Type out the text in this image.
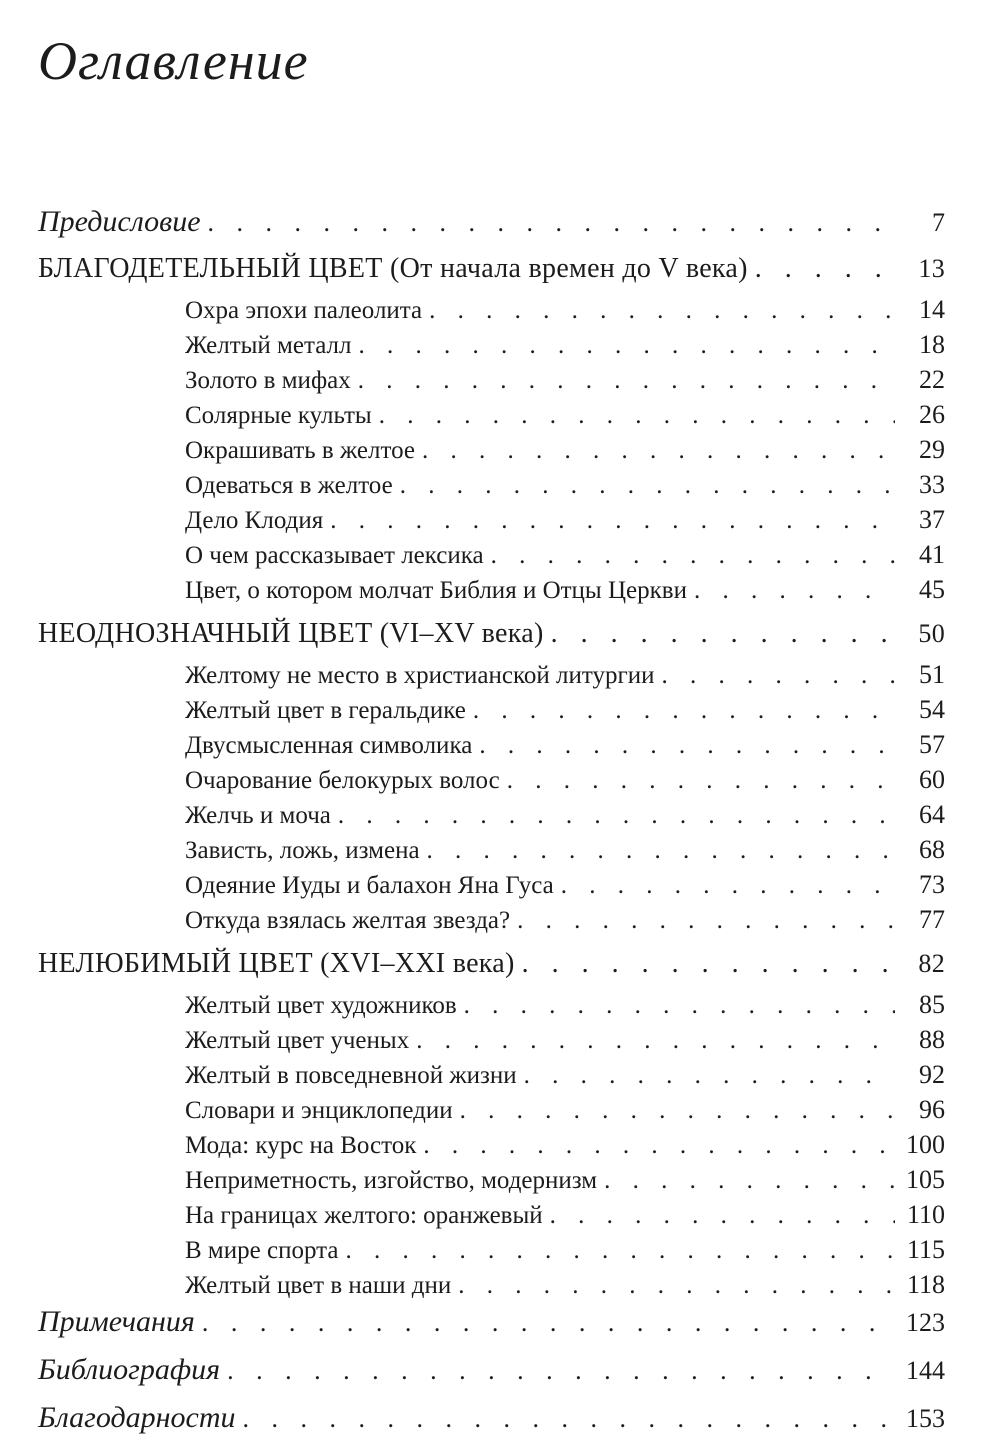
Оглавление
Предисловие . . .	7
БЛАГОДЕТЕЛЬНЫЙ ЦВЕТ (От начала времен до V века) . . .	13
Охра эпохи палеолита . . .	14
Желтый металл . . .	18
Золото в мифах . . .	22
Солярные культы . . .	26
Окрашивать в желтое . . .	29
Одеваться в желтое . . .	33
Дело Клодия . . .	37
О чем рассказывает лексика . . .	41
Цвет, о котором молчат Библия и Отцы Церкви . . .	45
НЕОДНОЗНАЧНЫЙ ЦВЕТ (VI–XV века) . . .	50
Желтому не место в христианской литургии . . .	51
Желтый цвет в геральдике . . .	54
Двусмысленная символика . . .	57
Очарование белокурых волос . . .	60
Желчь и моча . . .	64
Зависть, ложь, измена . . .	68
Одеяние Иуды и балахон Яна Гуса . . .	73
Откуда взялась желтая звезда? . . .	77
НЕЛЮБИМЫЙ ЦВЕТ (XVI–XXI века) . . .	82
Желтый цвет художников . . .	85
Желтый цвет ученых . . .	88
Желтый в повседневной жизни . . .	92
Словари и энциклопедии . . .	96
Мода: курс на Восток . . .	100
Неприметность, изгойство, модернизм . . .	105
На границах желтого: оранжевый . . .	110
В мире спорта . . .	115
Желтый цвет в наши дни . . .	118
Примечания . . .	123
Библиография . . .	144
Благодарности . . .	153
